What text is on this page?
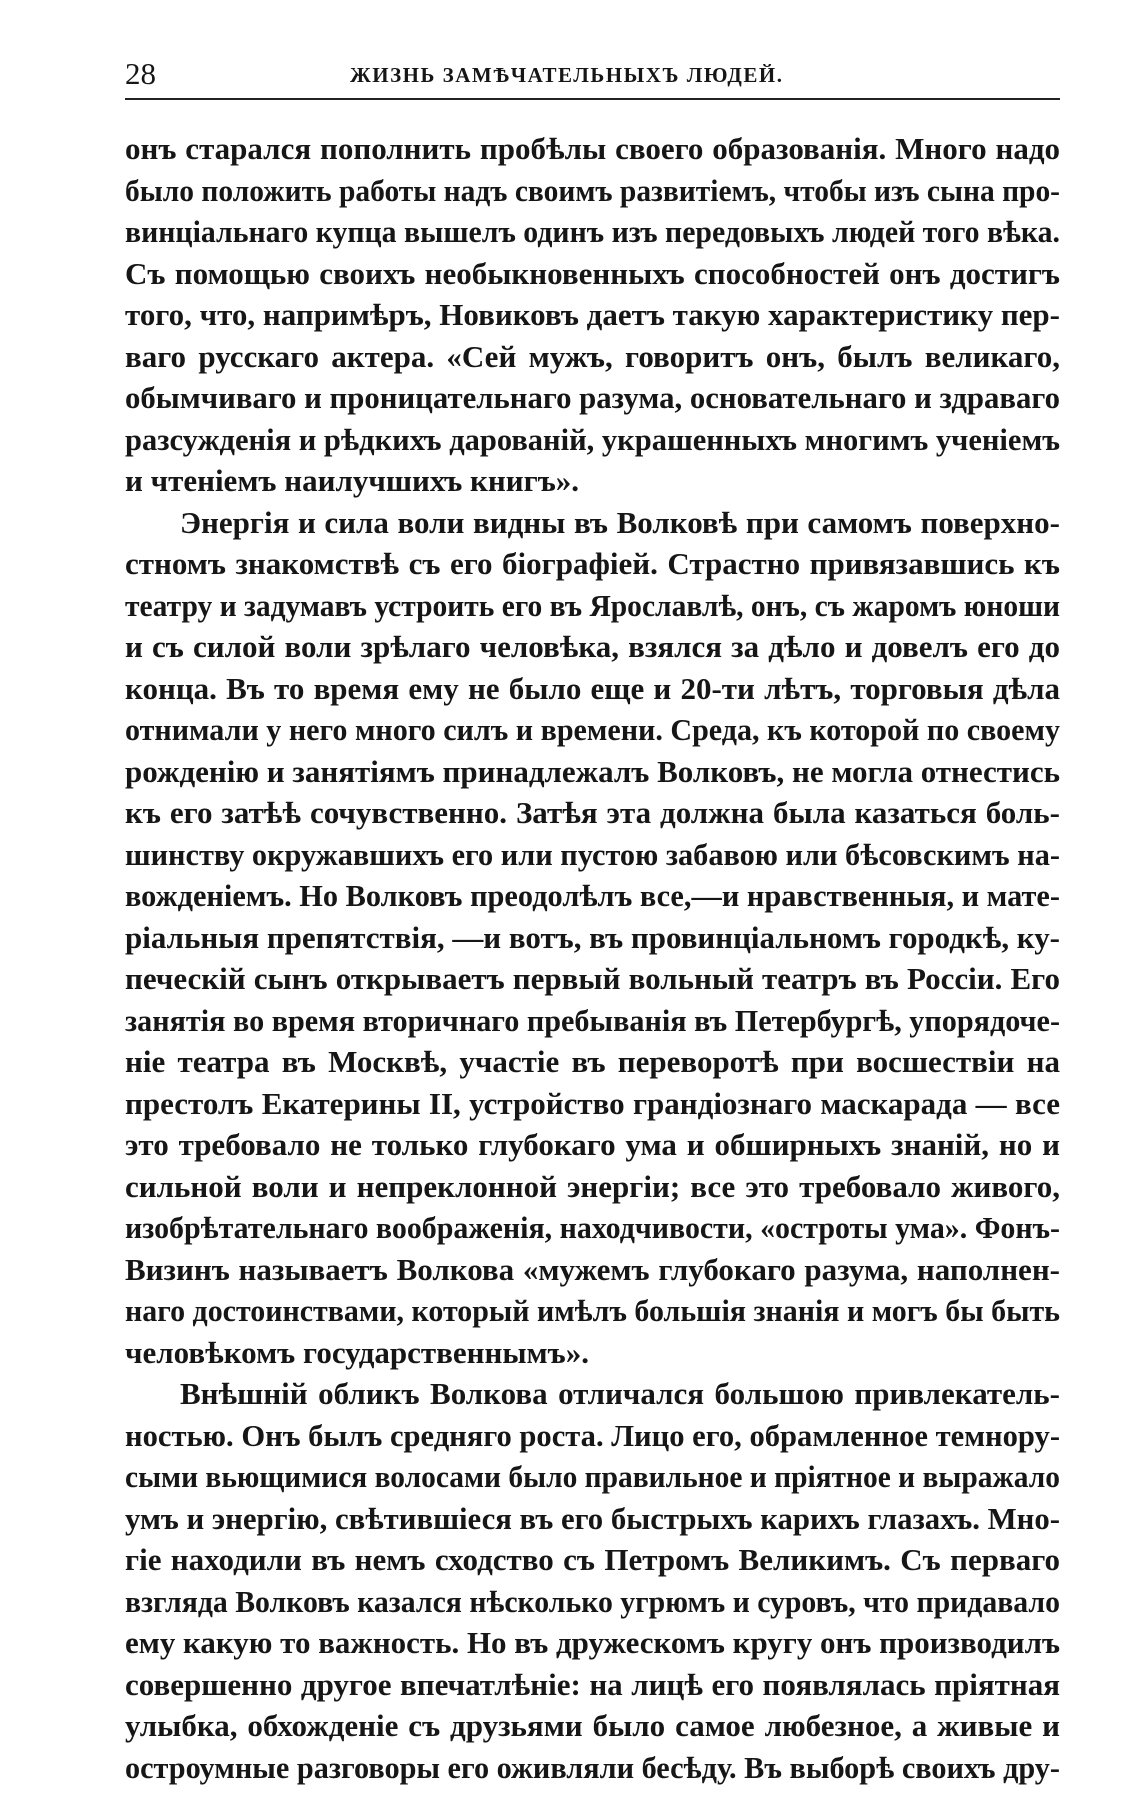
28	ЖИЗНЬ ЗАМѢЧАТЕЛЬНЫХЪ ЛЮДЕЙ.
онъ старался пополнить пробѣлы своего образованія. Много надо
было положить работы надъ своимъ развитіемъ, чтобы изъ сына про-
винціальнаго купца вышелъ одинъ изъ передовыхъ людей того вѣка.
Съ помощью своихъ необыкновенныхъ способностей онъ достигъ
того, что, напримѣръ, Новиковъ даетъ такую характеристику пер-
ваго русскаго актера. «Сей мужъ, говоритъ онъ, былъ великаго,
обымчиваго и проницательнаго разума, основательнаго и здраваго
разсужденія и рѣдкихъ дарованій, украшенныхъ многимъ ученіемъ
и чтеніемъ наилучшихъ книгъ».
Энергія и сила воли видны въ Волковѣ при самомъ поверхно-
стномъ знакомствѣ съ его біографіей. Страстно привязавшись къ
театру и задумавъ устроить его въ Ярославлѣ, онъ, съ жаромъ юноши
и съ силой воли зрѣлаго человѣка, взялся за дѣло и довелъ его до
конца. Въ то время ему не было еще и 20-ти лѣтъ, торговыя дѣла
отнимали у него много силъ и времени. Среда, къ которой по своему
рожденію и занятіямъ принадлежалъ Волковъ, не могла отнестись
къ его затѣѣ сочувственно. Затѣя эта должна была казаться боль-
шинству окружавшихъ его или пустою забавою или бѣсовскимъ на-
вожденіемъ. Но Волковъ преодолѣлъ все,—и нравственныя, и мате-
ріальныя препятствія, —и вотъ, въ провинціальномъ городкѣ, ку-
печескій сынъ открываетъ первый вольный театръ въ Россіи. Его
занятія во время вторичнаго пребыванія въ Петербургѣ, упорядоче-
ніе театра въ Москвѣ, участіе въ переворотѣ при восшествіи на
престолъ Екатерины II, устройство грандіознаго маскарада — все
это требовало не только глубокаго ума и обширныхъ знаній, но и
сильной воли и непреклонной энергіи; все это требовало живого,
изобрѣтательнаго воображенія, находчивости, «остроты ума». Фонъ-
Визинъ называетъ Волкова «мужемъ глубокаго разума, наполнен-
наго достоинствами, который имѣлъ большія знанія и могъ бы быть
человѣкомъ государственнымъ».
Внѣшній обликъ Волкова отличался большою привлекатель-
ностью. Онъ былъ средняго роста. Лицо его, обрамленное темнору-
сыми вьющимися волосами было правильное и пріятное и выражало
умъ и энергію, свѣтившіеся въ его быстрыхъ карихъ глазахъ. Мно-
гіе находили въ немъ сходство съ Петромъ Великимъ. Съ перваго
взгляда Волковъ казался нѣсколько угрюмъ и суровъ, что придавало
ему какую то важность. Но въ дружескомъ кругу онъ производилъ
совершенно другое впечатлѣніе: на лицѣ его появлялась пріятная
улыбка, обхожденіе съ друзьями было самое любезное, а живые и
остроумные разговоры его оживляли бесѣду. Въ выборѣ своихъ дру-
